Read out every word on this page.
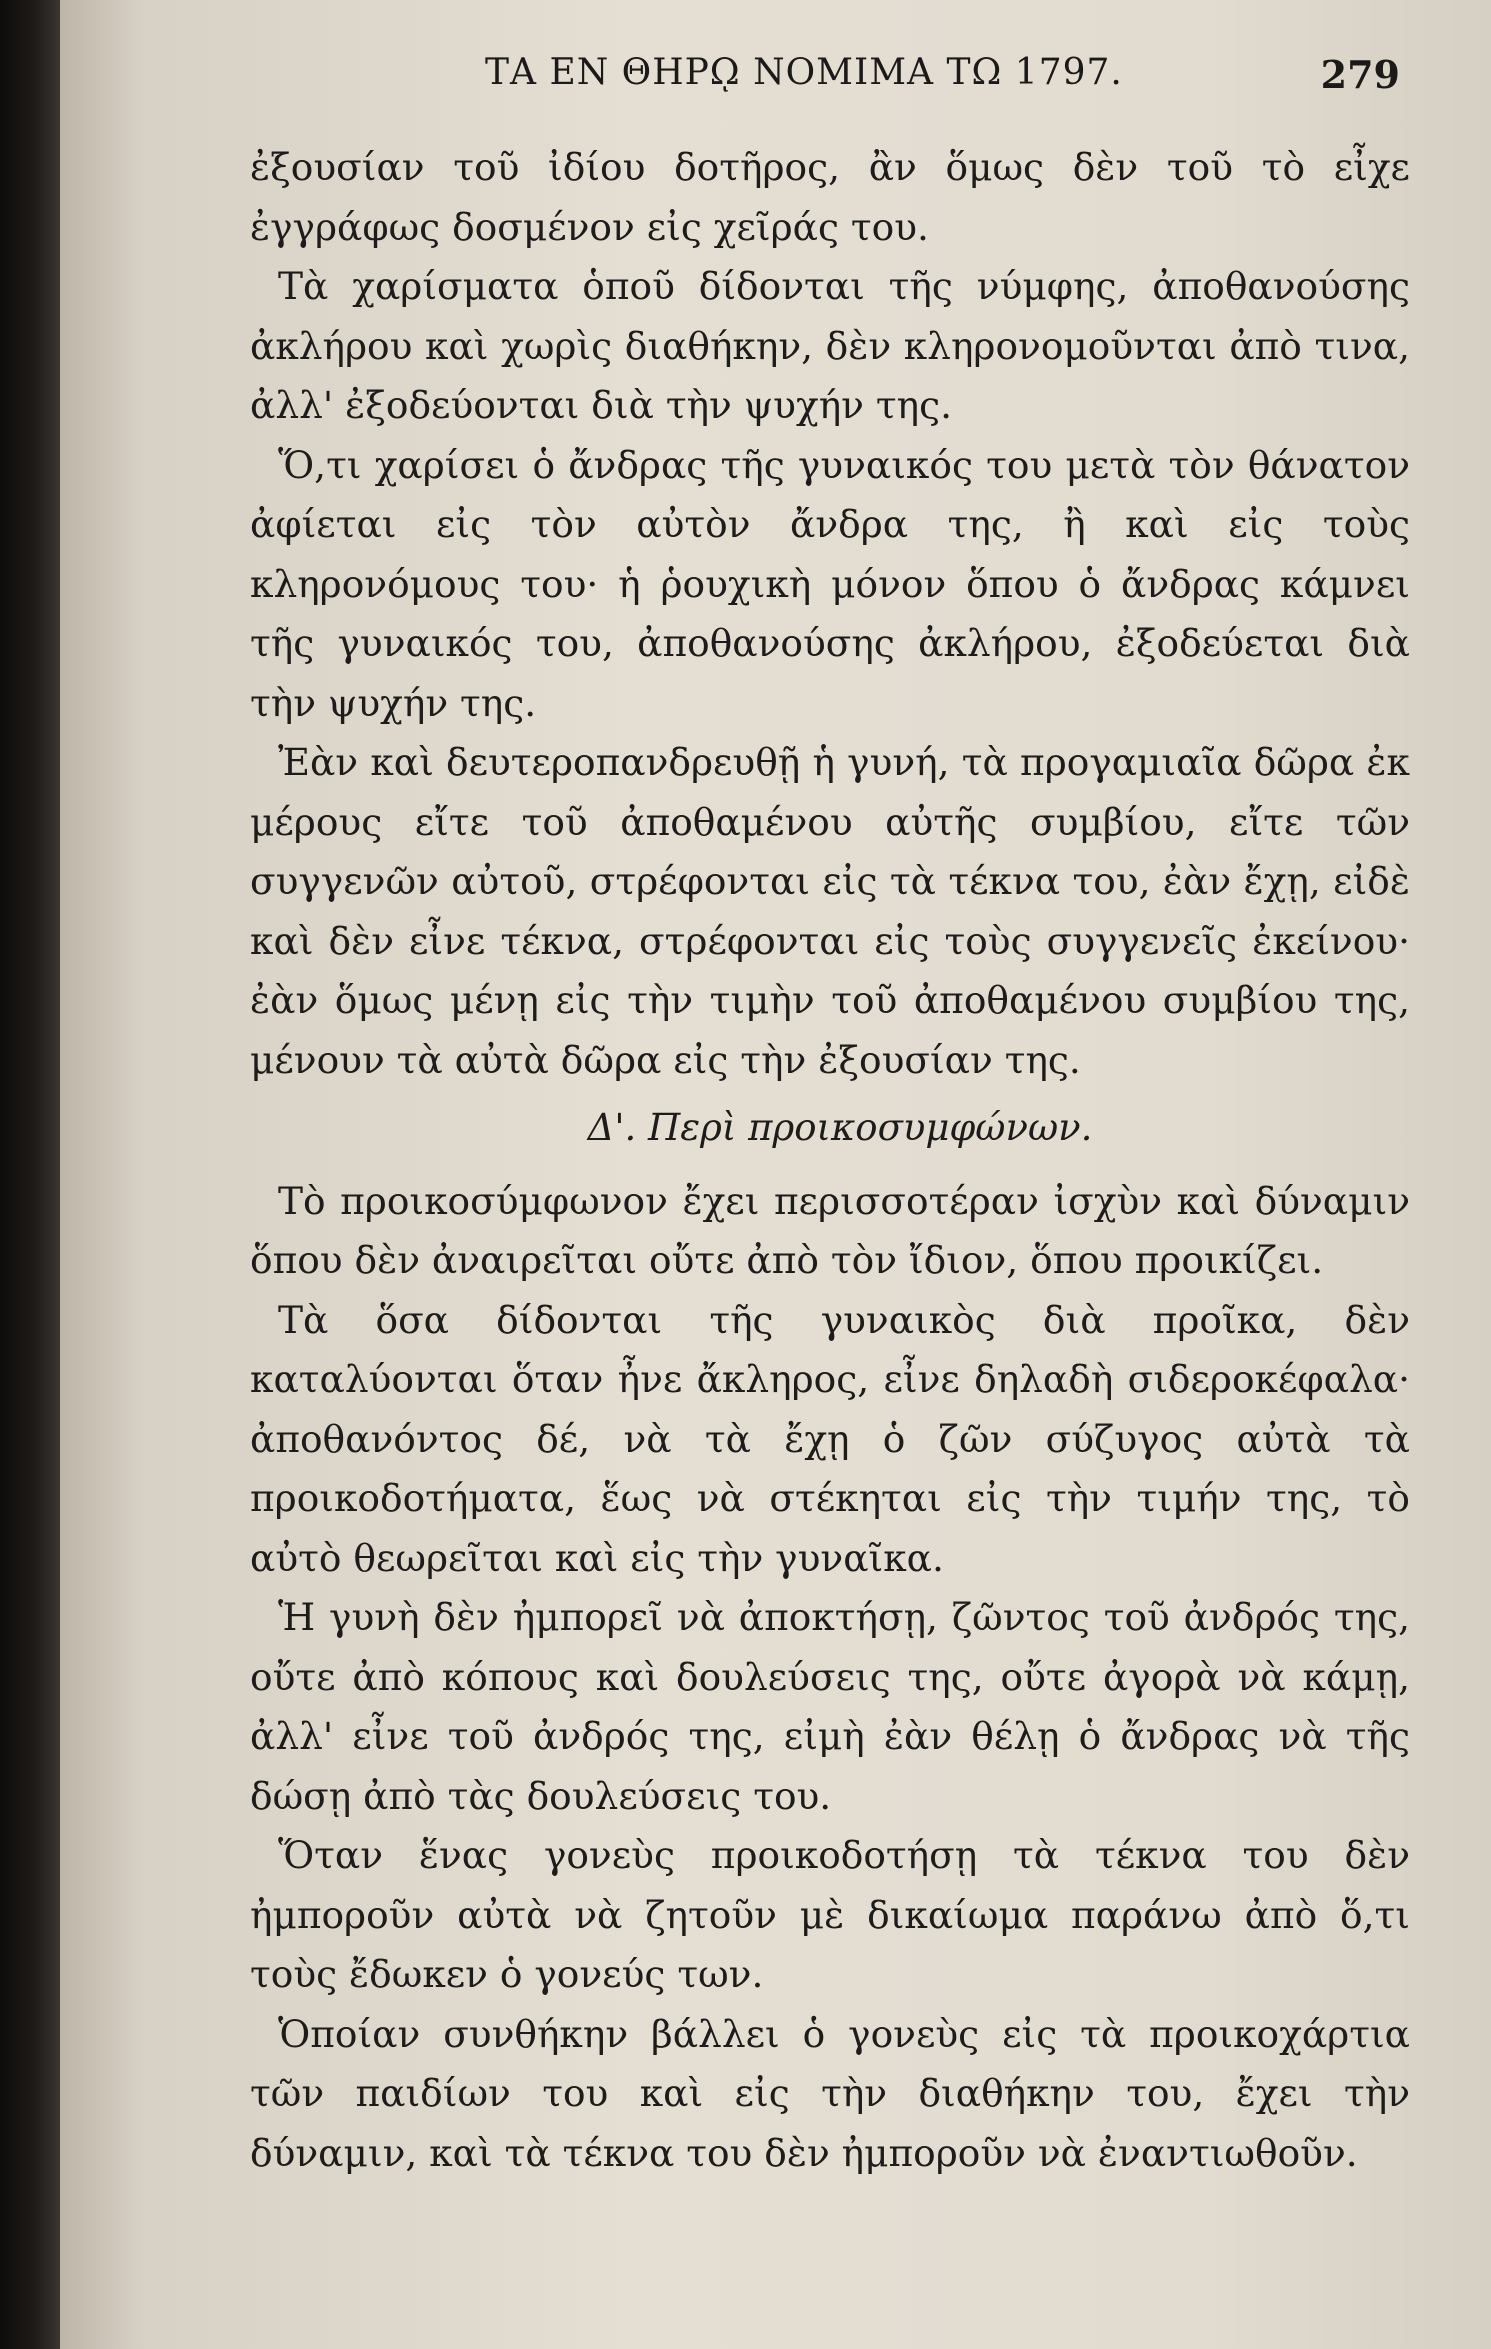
ΤΑ ΕΝ ΘΗΡῼ ΝΟΜΙΜΑ ΤΩ 1797.	279

ἐξουσίαν τοῦ ἰδίου δοτῆρος, ἂν ὅμως δὲν τοῦ τὸ εἶχε ἐγγράφως δοσμένον εἰς χεῖράς του.

Τὰ χαρίσματα ὁποῦ δίδονται τῆς νύμφης, ἀποθανούσης ἀκλήρου καὶ χωρὶς διαθήκην, δὲν κληρονομοῦνται ἀπὸ τινα, ἀλλ' ἐξοδεύονται διὰ τὴν ψυχήν της.

Ὅ,τι χαρίσει ὁ ἄνδρας τῆς γυναικός του μετὰ τὸν θάνατον ἀφίεται εἰς τὸν αὐτὸν ἄνδρα της, ἢ καὶ εἰς τοὺς κληρονόμους του· ἡ ῥουχικὴ μόνον ὅπου ὁ ἄνδρας κάμνει τῆς γυναικός του, ἀποθανούσης ἀκλήρου, ἐξοδεύεται διὰ τὴν ψυχήν της.

Ἐὰν καὶ δευτεροπανδρευθῇ ἡ γυνή, τὰ προγαμιαῖα δῶρα ἐκ μέρους εἴτε τοῦ ἀποθαμένου αὐτῆς συμβίου, εἴτε τῶν συγγενῶν αὐτοῦ, στρέφονται εἰς τὰ τέκνα του, ἐὰν ἔχῃ, εἰδὲ καὶ δὲν εἶνε τέκνα, στρέφονται εἰς τοὺς συγγενεῖς ἐκείνου· ἐὰν ὅμως μένῃ εἰς τὴν τιμὴν τοῦ ἀποθαμένου συμβίου της, μένουν τὰ αὐτὰ δῶρα εἰς τὴν ἐξουσίαν της.

Δ'. Περὶ προικοσυμφώνων.

Τὸ προικοσύμφωνον ἔχει περισσοτέραν ἰσχὺν καὶ δύναμιν ὅπου δὲν ἀναιρεῖται οὔτε ἀπὸ τὸν ἴδιον, ὅπου προικίζει.

Τὰ ὅσα δίδονται τῆς γυναικὸς διὰ προῖκα, δὲν καταλύονται ὅταν ἦνε ἄκληρος, εἶνε δηλαδὴ σιδεροκέφαλα· ἀποθανόντος δέ, νὰ τὰ ἔχῃ ὁ ζῶν σύζυγος αὐτὰ τὰ προικοδοτήματα, ἕως νὰ στέκηται εἰς τὴν τιμήν της, τὸ αὐτὸ θεωρεῖται καὶ εἰς τὴν γυναῖκα.

Ἡ γυνὴ δὲν ἠμπορεῖ νὰ ἀποκτήσῃ, ζῶντος τοῦ ἀνδρός της, οὔτε ἀπὸ κόπους καὶ δουλεύσεις της, οὔτε ἀγορὰ νὰ κάμῃ, ἀλλ' εἶνε τοῦ ἀνδρός της, εἰμὴ ἐὰν θέλῃ ὁ ἄνδρας νὰ τῆς δώσῃ ἀπὸ τὰς δουλεύσεις του.

Ὅταν ἕνας γονεὺς προικοδοτήσῃ τὰ τέκνα του δὲν ἠμποροῦν αὐτὰ νὰ ζητοῦν μὲ δικαίωμα παράνω ἀπὸ ὅ,τι τοὺς ἔδωκεν ὁ γονεύς των.

Ὁποίαν συνθήκην βάλλει ὁ γονεὺς εἰς τὰ προικοχάρτια τῶν παιδίων του καὶ εἰς τὴν διαθήκην του, ἔχει τὴν δύναμιν, καὶ τὰ τέκνα του δὲν ἠμποροῦν νὰ ἐναντιωθοῦν.
